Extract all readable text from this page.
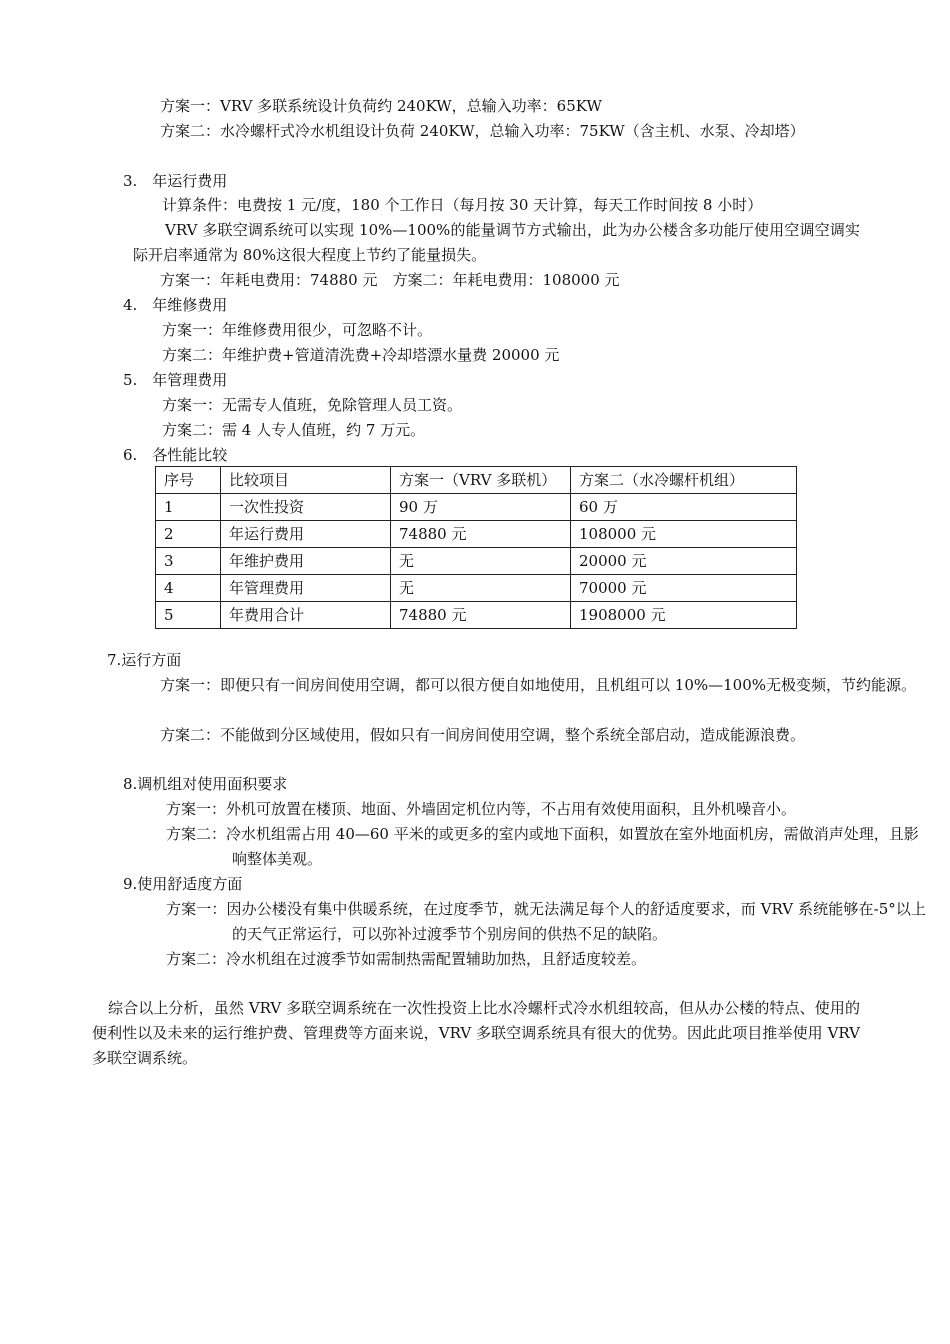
方案一：VRV 多联系统设计负荷约 240KW，总输入功率：65KW
方案二：水冷螺杆式冷水机组设计负荷 240KW，总输入功率：75KW（含主机、水泵、冷却塔）
3.　年运行费用
计算条件：电费按 1 元/度，180 个工作日（每月按 30 天计算，每天工作时间按 8 小时）
VRV 多联空调系统可以实现 10%—100%的能量调节方式输出，此为办公楼含多功能厅使用空调空调实际开启率通常为 80%这很大程度上节约了能量损失。
方案一：年耗电费用：74880 元　方案二：年耗电费用：108000 元
4.　年维修费用
方案一：年维修费用很少，可忽略不计。
方案二：年维护费+管道清洗费+冷却塔漂水量费 20000 元
5.　年管理费用
方案一：无需专人值班，免除管理人员工资。
方案二：需 4 人专人值班，约 7 万元。
6.　各性能比较
序号	比较项目	方案一（VRV 多联机）	方案二（水冷螺杆机组）
1	一次性投资	90 万	60 万
2	年运行费用	74880 元	108000 元
3	年维护费用	无	20000 元
4	年管理费用	无	70000 元
5	年费用合计	74880 元	1908000 元
7.运行方面
方案一：即便只有一间房间使用空调，都可以很方便自如地使用，且机组可以 10%—100%无极变频，节约能源。
方案二：不能做到分区域使用，假如只有一间房间使用空调，整个系统全部启动，造成能源浪费。
8.调机组对使用面积要求
方案一：外机可放置在楼顶、地面、外墙固定机位内等，不占用有效使用面积，且外机噪音小。
方案二：冷水机组需占用 40—60 平米的或更多的室内或地下面积，如置放在室外地面机房，需做消声处理，且影响整体美观。
9.使用舒适度方面
方案一：因办公楼没有集中供暖系统，在过度季节，就无法满足每个人的舒适度要求，而 VRV 系统能够在-5°以上的天气正常运行，可以弥补过渡季节个别房间的供热不足的缺陷。
方案二：冷水机组在过渡季节如需制热需配置辅助加热，且舒适度较差。
综合以上分析，虽然 VRV 多联空调系统在一次性投资上比水冷螺杆式冷水机组较高，但从办公楼的特点、使用的便利性以及未来的运行维护费、管理费等方面来说，VRV 多联空调系统具有很大的优势。因此此项目推举使用 VRV 多联空调系统。
